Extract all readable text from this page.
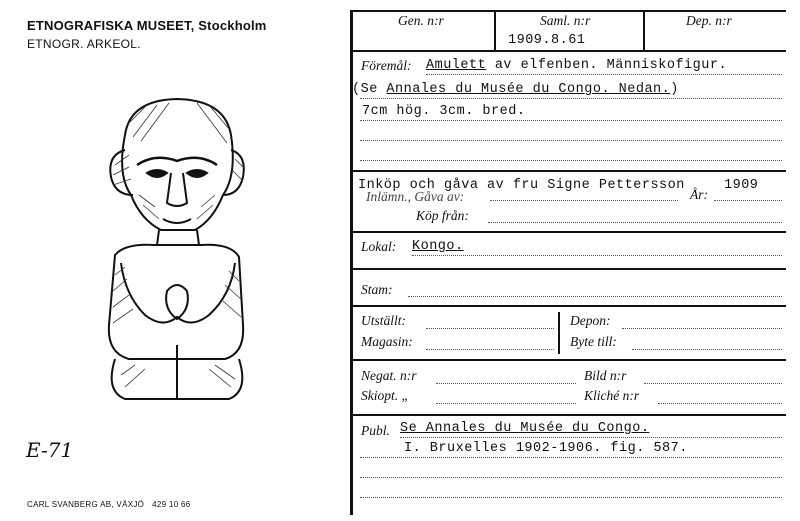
ETNOGRAFISKA MUSEET, Stockholm
ETNOGR. ARKEOL.
E-71
CARL SVANBERG AB, VÄXJÖ 429 10 66
Gen. n:r	Saml. n:r	Dep. n:r
1909.8.61
Föremål: Amulett av elfenben. Människofigur.
(Se Annales du Musée du Congo. Nedan.)
7cm hög. 3cm. bred.
Inköp och gåva av fru Signe Pettersson	1909
Inlämn., Gåva av:	År:
Köp från:
Lokal: Kongo.
Stam:
Utställt:	Depon:
Magasin:	Byte till:
Negat. n:r	Bild n:r
Skiopt. „	Kliché n:r
Publ. Se Annales du Musée du Congo.
I. Bruxelles 1902-1906. fig. 587.
